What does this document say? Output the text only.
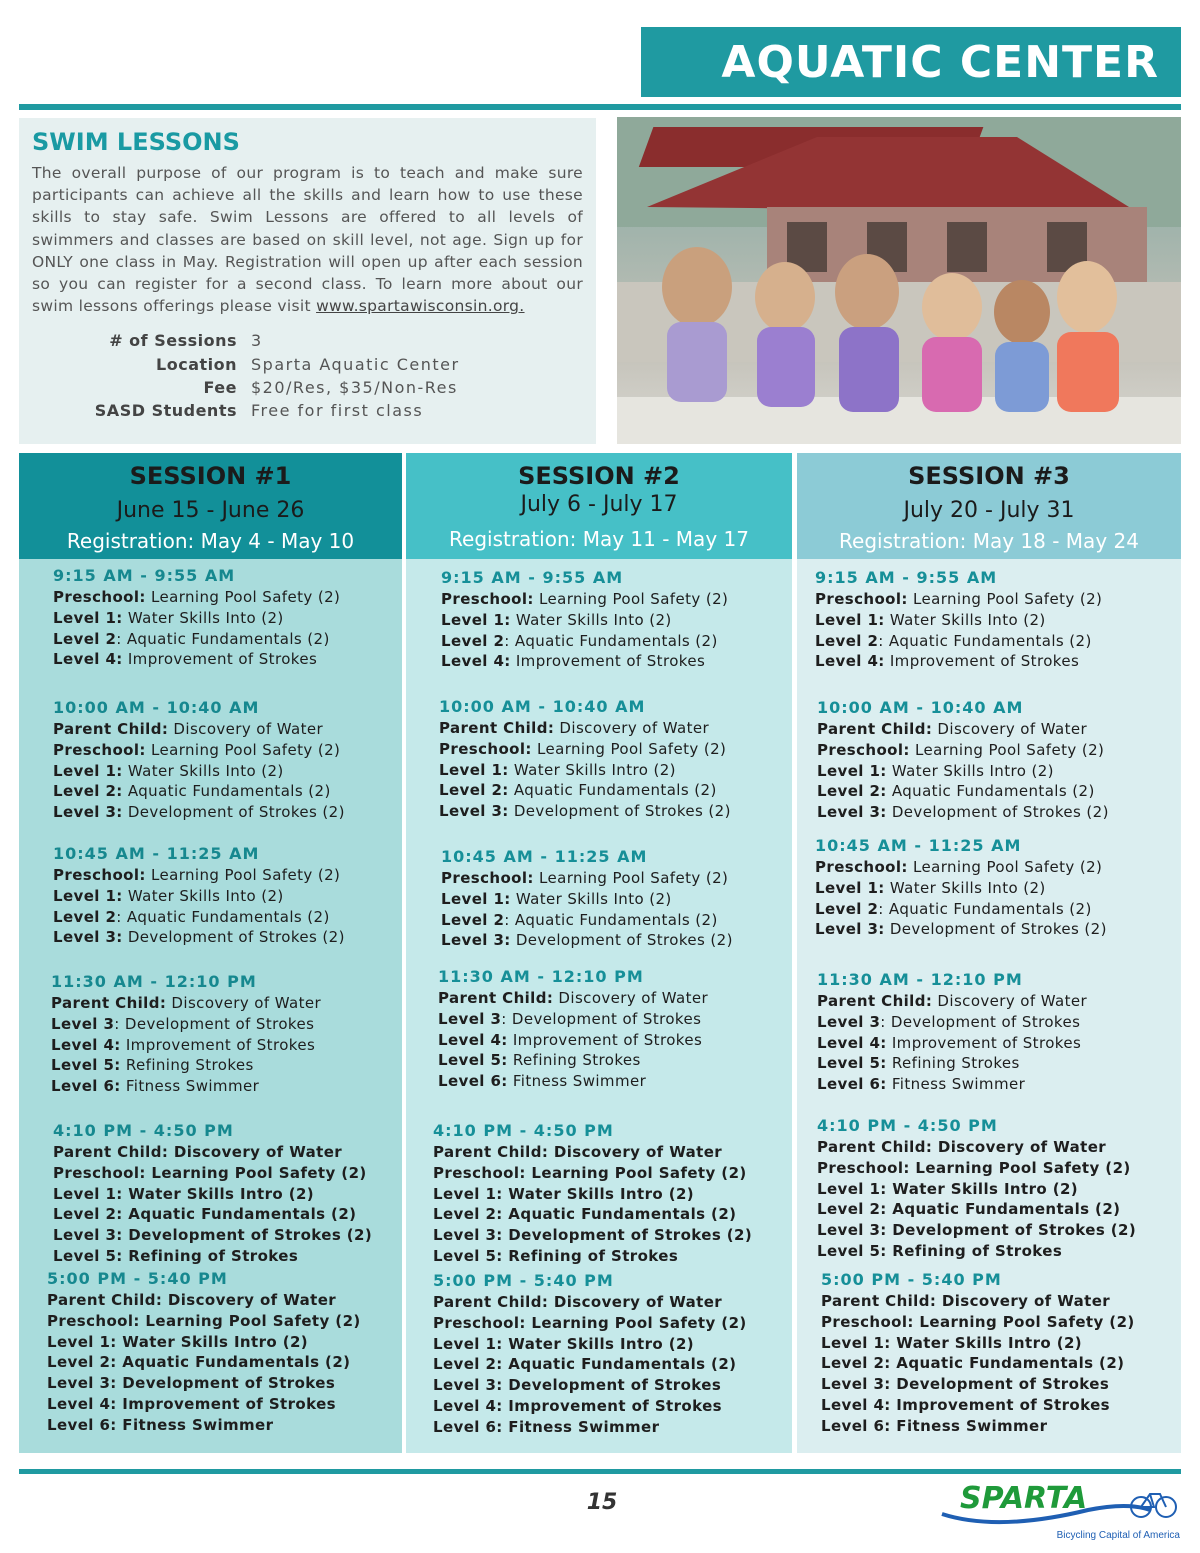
AQUATIC CENTER
SWIM LESSONS

The overall purpose of our program is to teach and make sure participants can achieve all the skills and learn how to use these skills to stay safe. Swim Lessons are offered to all levels of swimmers and classes are based on skill level, not age. Sign up for ONLY one class in May. Registration will open up after each session so you can register for a second class. To learn more about our swim lessons offerings please visit www.spartawisconsin.org.

# of Sessions 3
Location Sparta Aquatic Center
Fee $20/Res, $35/Non-Res
SASD Students Free for first class
SESSION #1
June 15 - June 26
Registration: May 4 - May 10
9:15 AM - 9:55 AM
Preschool: Learning Pool Safety (2)
Level 1: Water Skills Into (2)
Level 2: Aquatic Fundamentals (2)
Level 4: Improvement of Strokes
10:00 AM - 10:40 AM
Parent Child: Discovery of Water
Preschool: Learning Pool Safety (2)
Level 1: Water Skills Into (2)
Level 2: Aquatic Fundamentals (2)
Level 3: Development of Strokes (2)
10:45 AM - 11:25 AM
Preschool: Learning Pool Safety (2)
Level 1: Water Skills Into (2)
Level 2: Aquatic Fundamentals (2)
Level 3: Development of Strokes (2)
11:30 AM - 12:10 PM
Parent Child: Discovery of Water
Level 3: Development of Strokes
Level 4: Improvement of Strokes
Level 5: Refining Strokes
Level 6: Fitness Swimmer
4:10 PM - 4:50 PM
Parent Child: Discovery of Water
Preschool: Learning Pool Safety (2)
Level 1: Water Skills Intro (2)
Level 2: Aquatic Fundamentals (2)
Level 3: Development of Strokes (2)
Level 5: Refining of Strokes
5:00 PM - 5:40 PM
Parent Child: Discovery of Water
Preschool: Learning Pool Safety (2)
Level 1: Water Skills Intro (2)
Level 2: Aquatic Fundamentals (2)
Level 3: Development of Strokes
Level 4: Improvement of Strokes
Level 6: Fitness Swimmer
SESSION #2
July 6 - July 17
Registration: May 11 - May 17
9:15 AM - 9:55 AM
Preschool: Learning Pool Safety (2)
Level 1: Water Skills Into (2)
Level 2: Aquatic Fundamentals (2)
Level 4: Improvement of Strokes
10:00 AM - 10:40 AM
Parent Child: Discovery of Water
Preschool: Learning Pool Safety (2)
Level 1: Water Skills Intro (2)
Level 2: Aquatic Fundamentals (2)
Level 3: Development of Strokes (2)
10:45 AM - 11:25 AM
Preschool: Learning Pool Safety (2)
Level 1: Water Skills Into (2)
Level 2: Aquatic Fundamentals (2)
Level 3: Development of Strokes (2)
11:30 AM - 12:10 PM
Parent Child: Discovery of Water
Level 3: Development of Strokes
Level 4: Improvement of Strokes
Level 5: Refining Strokes
Level 6: Fitness Swimmer
4:10 PM - 4:50 PM
Parent Child: Discovery of Water
Preschool: Learning Pool Safety (2)
Level 1: Water Skills Intro (2)
Level 2: Aquatic Fundamentals (2)
Level 3: Development of Strokes (2)
Level 5: Refining of Strokes
5:00 PM - 5:40 PM
Parent Child: Discovery of Water
Preschool: Learning Pool Safety (2)
Level 1: Water Skills Intro (2)
Level 2: Aquatic Fundamentals (2)
Level 3: Development of Strokes
Level 4: Improvement of Strokes
Level 6: Fitness Swimmer
SESSION #3
July 20 - July 31
Registration: May 18 - May 24
9:15 AM - 9:55 AM
Preschool: Learning Pool Safety (2)
Level 1: Water Skills Into (2)
Level 2: Aquatic Fundamentals (2)
Level 4: Improvement of Strokes
10:00 AM - 10:40 AM
Parent Child: Discovery of Water
Preschool: Learning Pool Safety (2)
Level 1: Water Skills Intro (2)
Level 2: Aquatic Fundamentals (2)
Level 3: Development of Strokes (2)
10:45 AM - 11:25 AM
Preschool: Learning Pool Safety (2)
Level 1: Water Skills Into (2)
Level 2: Aquatic Fundamentals (2)
Level 3: Development of Strokes (2)
11:30 AM - 12:10 PM
Parent Child: Discovery of Water
Level 3: Development of Strokes
Level 4: Improvement of Strokes
Level 5: Refining Strokes
Level 6: Fitness Swimmer
4:10 PM - 4:50 PM
Parent Child: Discovery of Water
Preschool: Learning Pool Safety (2)
Level 1: Water Skills Intro (2)
Level 2: Aquatic Fundamentals (2)
Level 3: Development of Strokes (2)
Level 5: Refining of Strokes
5:00 PM - 5:40 PM
Parent Child: Discovery of Water
Preschool: Learning Pool Safety (2)
Level 1: Water Skills Intro (2)
Level 2: Aquatic Fundamentals (2)
Level 3: Development of Strokes
Level 4: Improvement of Strokes
Level 6: Fitness Swimmer
15	SPARTA
Bicycling Capital of America
